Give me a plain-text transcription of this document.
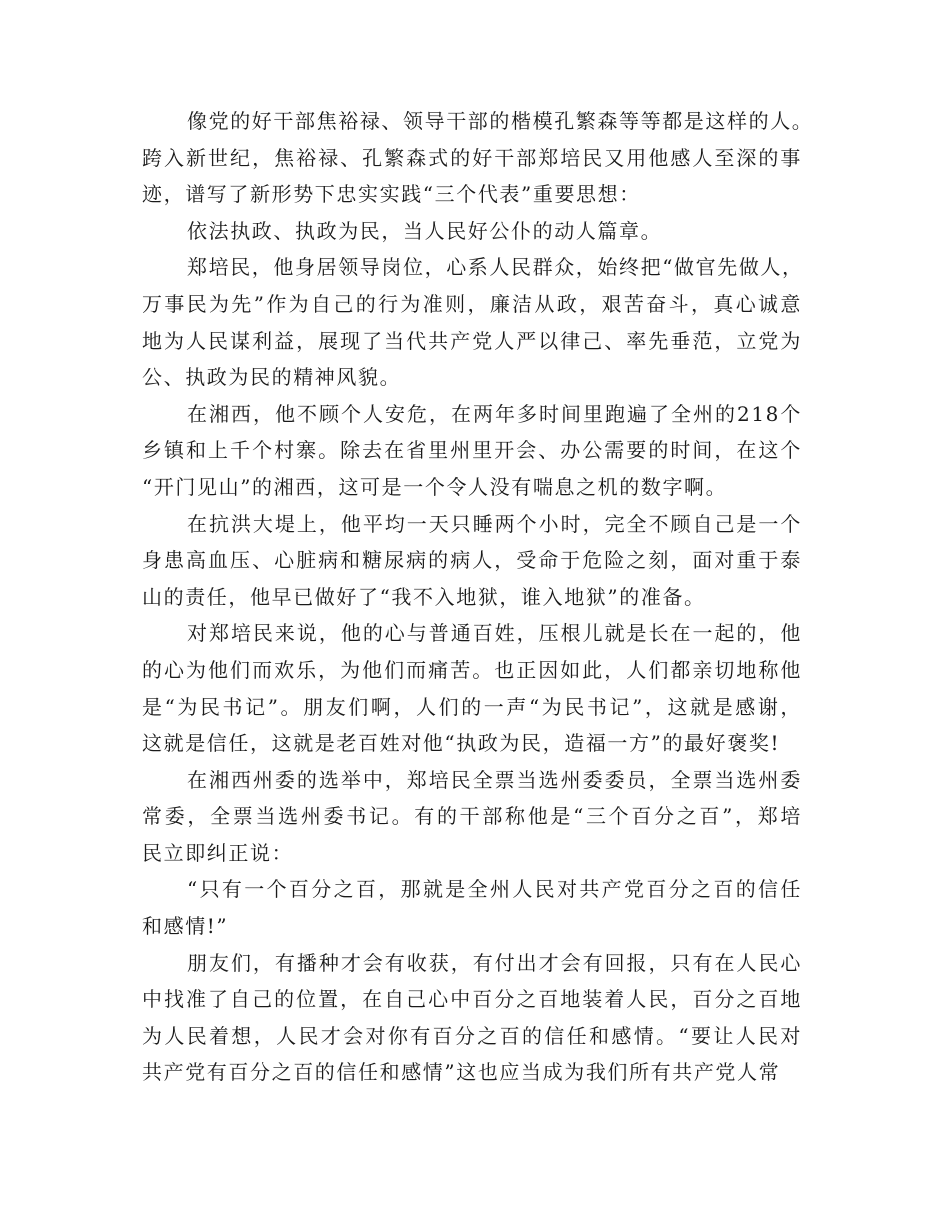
像党的好干部焦裕禄、领导干部的楷模孔繁森等等都是这样的人。
跨入新世纪，焦裕禄、孔繁森式的好干部郑培民又用他感人至深的事
迹，谱写了新形势下忠实实践“三个代表”重要思想：
依法执政、执政为民，当人民好公仆的动人篇章。
郑培民，他身居领导岗位，心系人民群众，始终把“做官先做人，
万事民为先”作为自己的行为准则，廉洁从政，艰苦奋斗，真心诚意
地为人民谋利益，展现了当代共产党人严以律己、率先垂范，立党为
公、执政为民的精神风貌。
在湘西，他不顾个人安危，在两年多时间里跑遍了全州的218个
乡镇和上千个村寨。除去在省里州里开会、办公需要的时间，在这个
“开门见山”的湘西，这可是一个令人没有喘息之机的数字啊。
在抗洪大堤上，他平均一天只睡两个小时，完全不顾自己是一个
身患高血压、心脏病和糖尿病的病人，受命于危险之刻，面对重于泰
山的责任，他早已做好了“我不入地狱，谁入地狱”的准备。
对郑培民来说，他的心与普通百姓，压根儿就是长在一起的，他
的心为他们而欢乐，为他们而痛苦。也正因如此，人们都亲切地称他
是“为民书记”。朋友们啊，人们的一声“为民书记”，这就是感谢，
这就是信任，这就是老百姓对他“执政为民，造福一方”的最好褒奖!
在湘西州委的选举中，郑培民全票当选州委委员，全票当选州委
常委，全票当选州委书记。有的干部称他是“三个百分之百”，郑培
民立即纠正说：
“只有一个百分之百，那就是全州人民对共产党百分之百的信任
和感情!”
朋友们，有播种才会有收获，有付出才会有回报，只有在人民心
中找准了自己的位置，在自己心中百分之百地装着人民，百分之百地
为人民着想，人民才会对你有百分之百的信任和感情。“要让人民对
共产党有百分之百的信任和感情”这也应当成为我们所有共产党人常
